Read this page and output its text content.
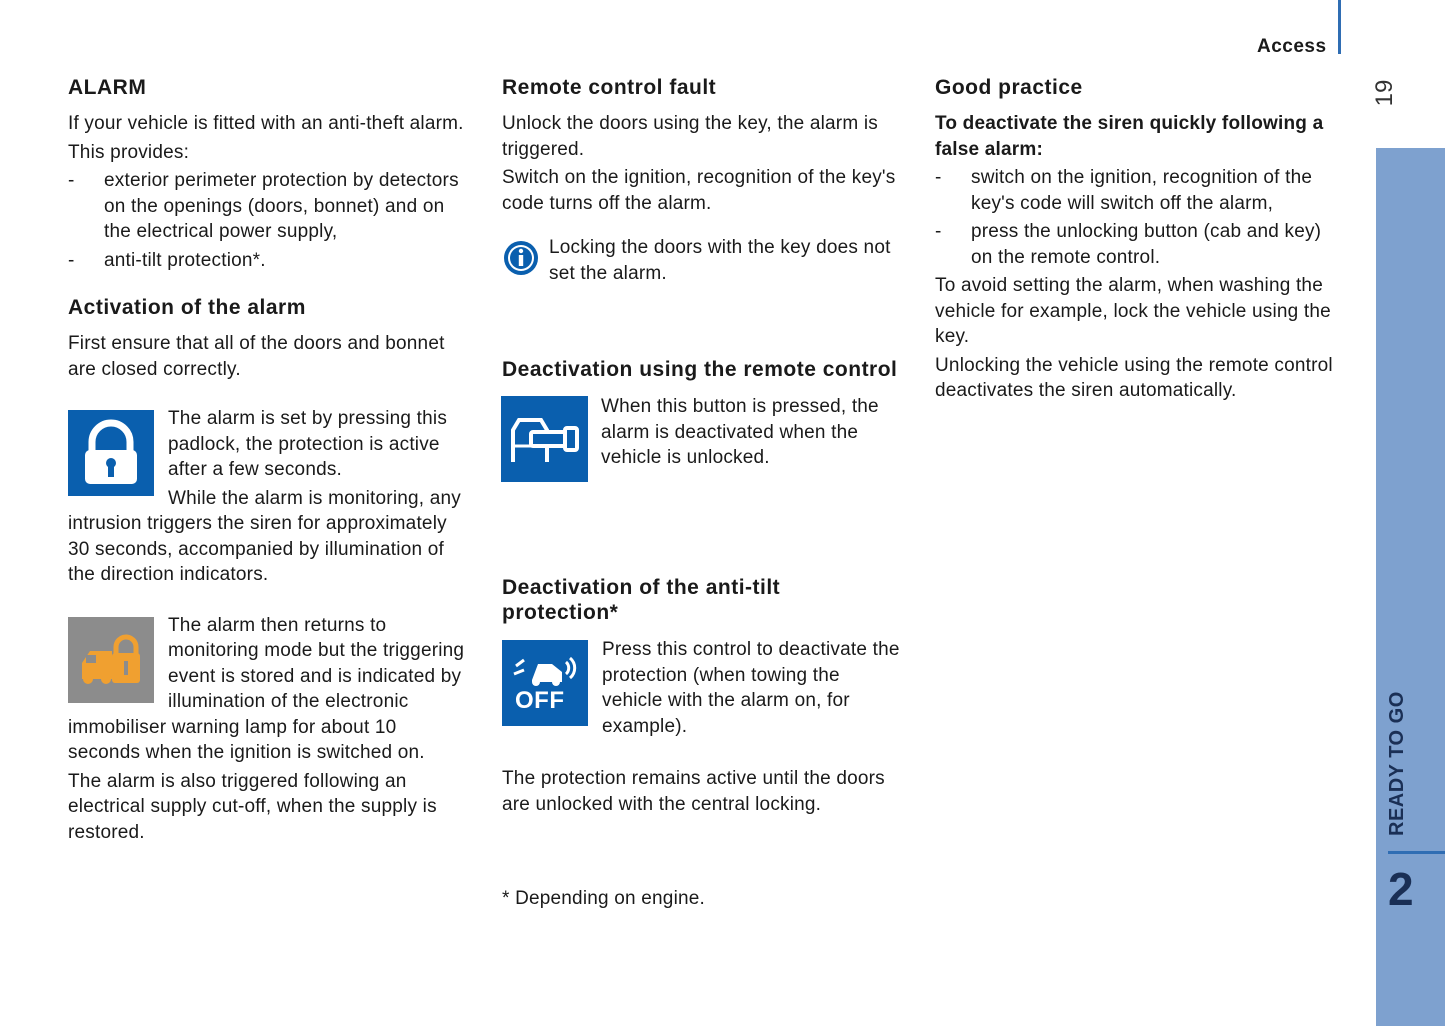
Access
19
READY TO GO
2
ALARM

If your vehicle is fitted with an anti-theft alarm.

This provides:

- exterior perimeter protection by detectors on the openings (doors, bonnet) and on the electrical power supply,
- anti-tilt protection*.
Activation of the alarm

First ensure that all of the doors and bonnet are closed correctly.

The alarm is set by pressing this padlock, the protection is active after a few seconds.

While the alarm is monitoring, any intrusion triggers the siren for approximately 30 seconds, accompanied by illumination of the direction indicators.

The alarm then returns to monitoring mode but the triggering event is stored and is indicated by illumination of the electronic immobiliser warning lamp for about 10 seconds when the ignition is switched on.

The alarm is also triggered following an electrical supply cut-off, when the supply is restored.

Remote control fault

Unlock the doors using the key, the alarm is triggered.

Switch on the ignition, recognition of the key's code turns off the alarm.

Locking the doors with the key does not set the alarm.

Deactivation using the remote control

When this button is pressed, the alarm is deactivated when the vehicle is unlocked.

Deactivation of the anti-tilt protection*
OFF

Press this control to deactivate the protection (when towing the vehicle with the alarm on, for example).

The protection remains active until the doors are unlocked with the central locking.

* Depending on engine.

Good practice

To deactivate the siren quickly following a false alarm:

- switch on the ignition, recognition of the key's code will switch off the alarm,
- press the unlocking button (cab and key) on the remote control.

To avoid setting the alarm, when washing the vehicle for example, lock the vehicle using the key.

Unlocking the vehicle using the remote control deactivates the siren automatically.
